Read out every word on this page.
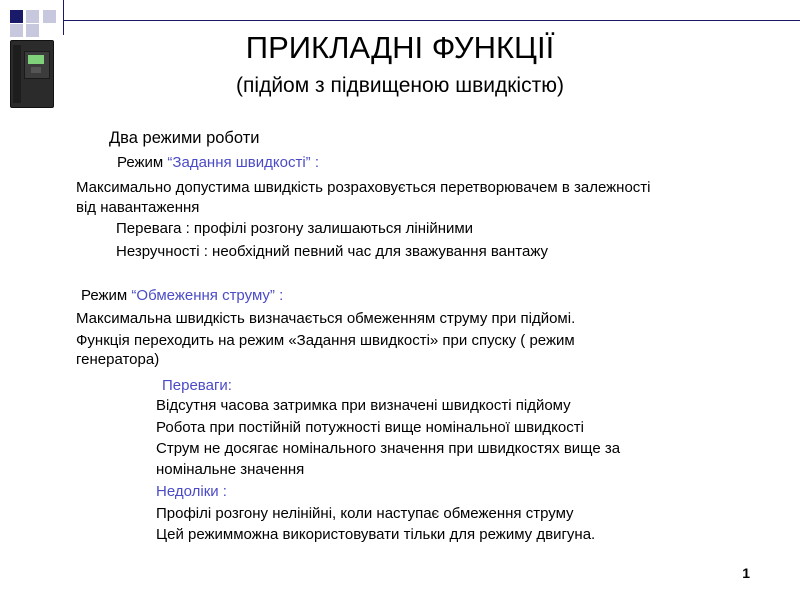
ПРИКЛАДНІ ФУНКЦІЇ
(підйом з підвищеною швидкістю)
Два режими роботи
Режим “Задання швидкості” :
Максимально допустима швидкість розраховується перетворювачем в залежності
від навантаження
Перевага : профілі розгону залишаються лінійними
Незручності : необхідний певний час для зважування вантажу
Режим “Обмеження струму” :
Максимальна швидкість визначається обмеженням струму при підйомі.
Функція переходить на режим «Задання швидкості» при спуску ( режим
генератора)
Переваги:
Відсутня часова затримка при визначені швидкості підйому
Робота при постійній потужності вище номінальної швидкості
Струм не досягає номінального значення при швидкостях вище за
номінальне значення
Недоліки :
Профілі розгону нелінійні, коли наступає обмеження струму
Цей режимможна використовувати тільки для режиму двигуна.
1
